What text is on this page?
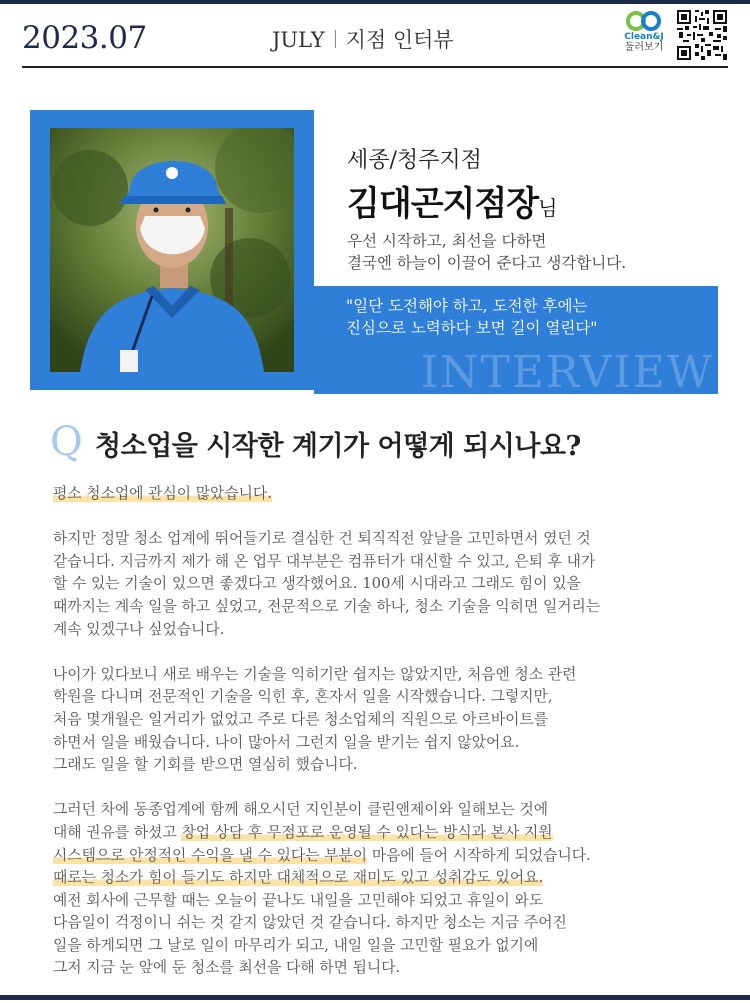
2023.07	JULY 지점 인터뷰	Clean&J
둘러보기
세종/청주지점
김대곤지점장님
우선 시작하고, 최선을 다하면
결국엔 하늘이 이끌어 준다고 생각합니다.
"일단 도전해야 하고, 도전한 후에는
진심으로 노력하다 보면 길이 열린다"
INTERVIEW
Q 청소업을 시작한 계기가 어떻게 되시나요?

평소 청소업에 관심이 많았습니다.

하지만 정말 청소 업계에 뛰어들기로 결심한 건 퇴직직전 앞날을 고민하면서 였던 것
같습니다. 지금까지 제가 해 온 업무 대부분은 컴퓨터가 대신할 수 있고, 은퇴 후 내가
할 수 있는 기술이 있으면 좋겠다고 생각했어요. 100세 시대라고 그래도 힘이 있을
때까지는 계속 일을 하고 싶었고, 전문적으로 기술 하나, 청소 기술을 익히면 일거리는
계속 있겠구나 싶었습니다.

나이가 있다보니 새로 배우는 기술을 익히기란 쉽지는 않았지만, 처음엔 청소 관련
학원을 다니며 전문적인 기술을 익힌 후, 혼자서 일을 시작했습니다. 그렇지만,
처음 몇개월은 일거리가 없었고 주로 다른 청소업체의 직원으로 아르바이트를
하면서 일을 배웠습니다. 나이 많아서 그런지 일을 받기는 쉽지 않았어요.
그래도 일을 할 기회를 받으면 열심히 했습니다.

그러던 차에 동종업계에 함께 해오시던 지인분이 클린앤제이와 일해보는 것에
대해 권유를 하셨고 창업 상담 후 무점포로 운영될 수 있다는 방식과 본사 지원
시스템으로 안정적인 수익을 낼 수 있다는 부분이 마음에 들어 시작하게 되었습니다.
때로는 청소가 힘이 들기도 하지만 대체적으로 재미도 있고 성취감도 있어요.
예전 회사에 근무할 때는 오늘이 끝나도 내일을 고민해야 되었고 휴일이 와도
다음일이 걱정이니 쉬는 것 같지 않았던 것 같습니다. 하지만 청소는 지금 주어진
일을 하게되면 그 날로 일이 마무리가 되고, 내일 일을 고민할 필요가 없기에
그저 지금 눈 앞에 둔 청소를 최선을 다해 하면 됩니다.
